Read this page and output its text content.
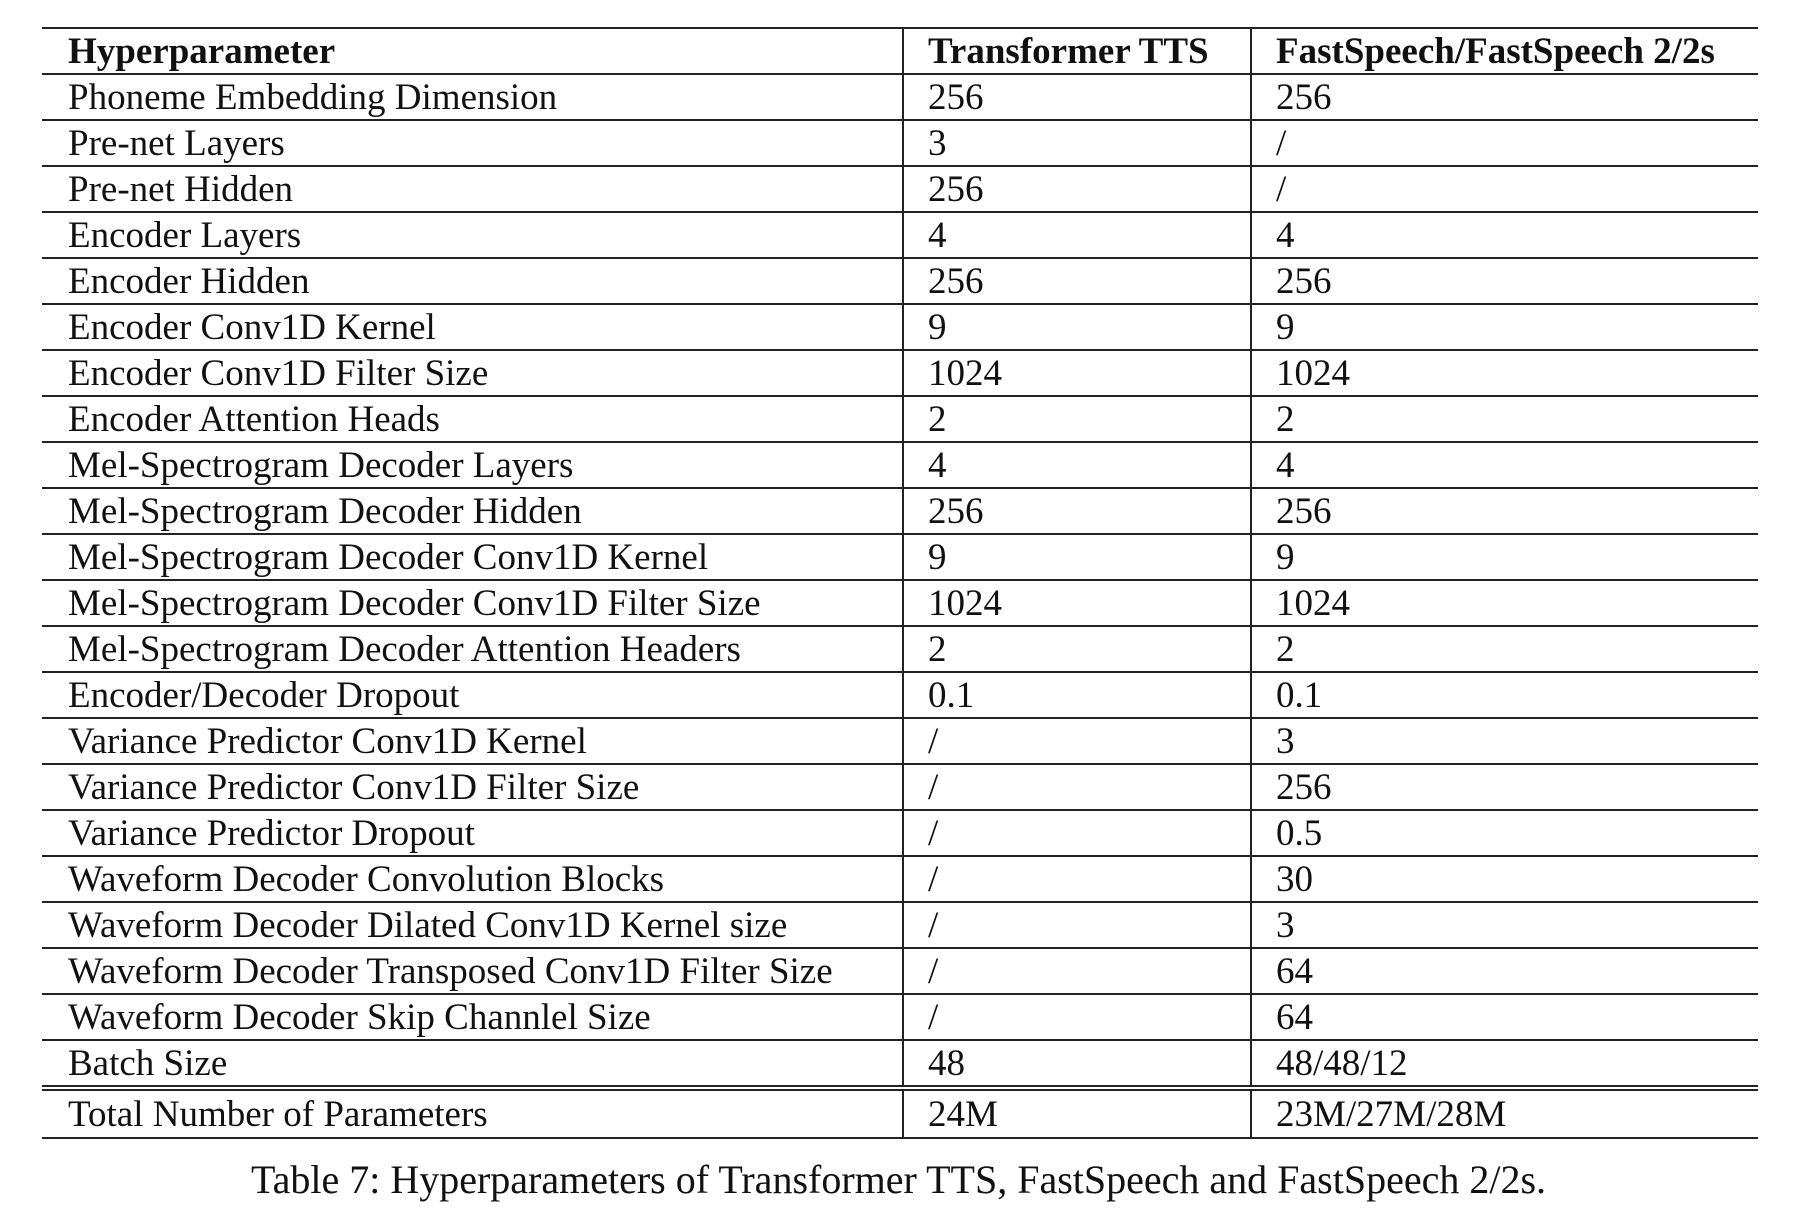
Hyperparameter	Transformer TTS	FastSpeech/FastSpeech 2/2s
Phoneme Embedding Dimension	256	256
Pre-net Layers	3	/
Pre-net Hidden	256	/
Encoder Layers	4	4
Encoder Hidden	256	256
Encoder Conv1D Kernel	9	9
Encoder Conv1D Filter Size	1024	1024
Encoder Attention Heads	2	2
Mel-Spectrogram Decoder Layers	4	4
Mel-Spectrogram Decoder Hidden	256	256
Mel-Spectrogram Decoder Conv1D Kernel	9	9
Mel-Spectrogram Decoder Conv1D Filter Size	1024	1024
Mel-Spectrogram Decoder Attention Headers	2	2
Encoder/Decoder Dropout	0.1	0.1
Variance Predictor Conv1D Kernel	/	3
Variance Predictor Conv1D Filter Size	/	256
Variance Predictor Dropout	/	0.5
Waveform Decoder Convolution Blocks	/	30
Waveform Decoder Dilated Conv1D Kernel size	/	3
Waveform Decoder Transposed Conv1D Filter Size	/	64
Waveform Decoder Skip Channlel Size	/	64
Batch Size	48	48/48/12
Total Number of Parameters	24M	23M/27M/28M
Table 7: Hyperparameters of Transformer TTS, FastSpeech and FastSpeech 2/2s.
